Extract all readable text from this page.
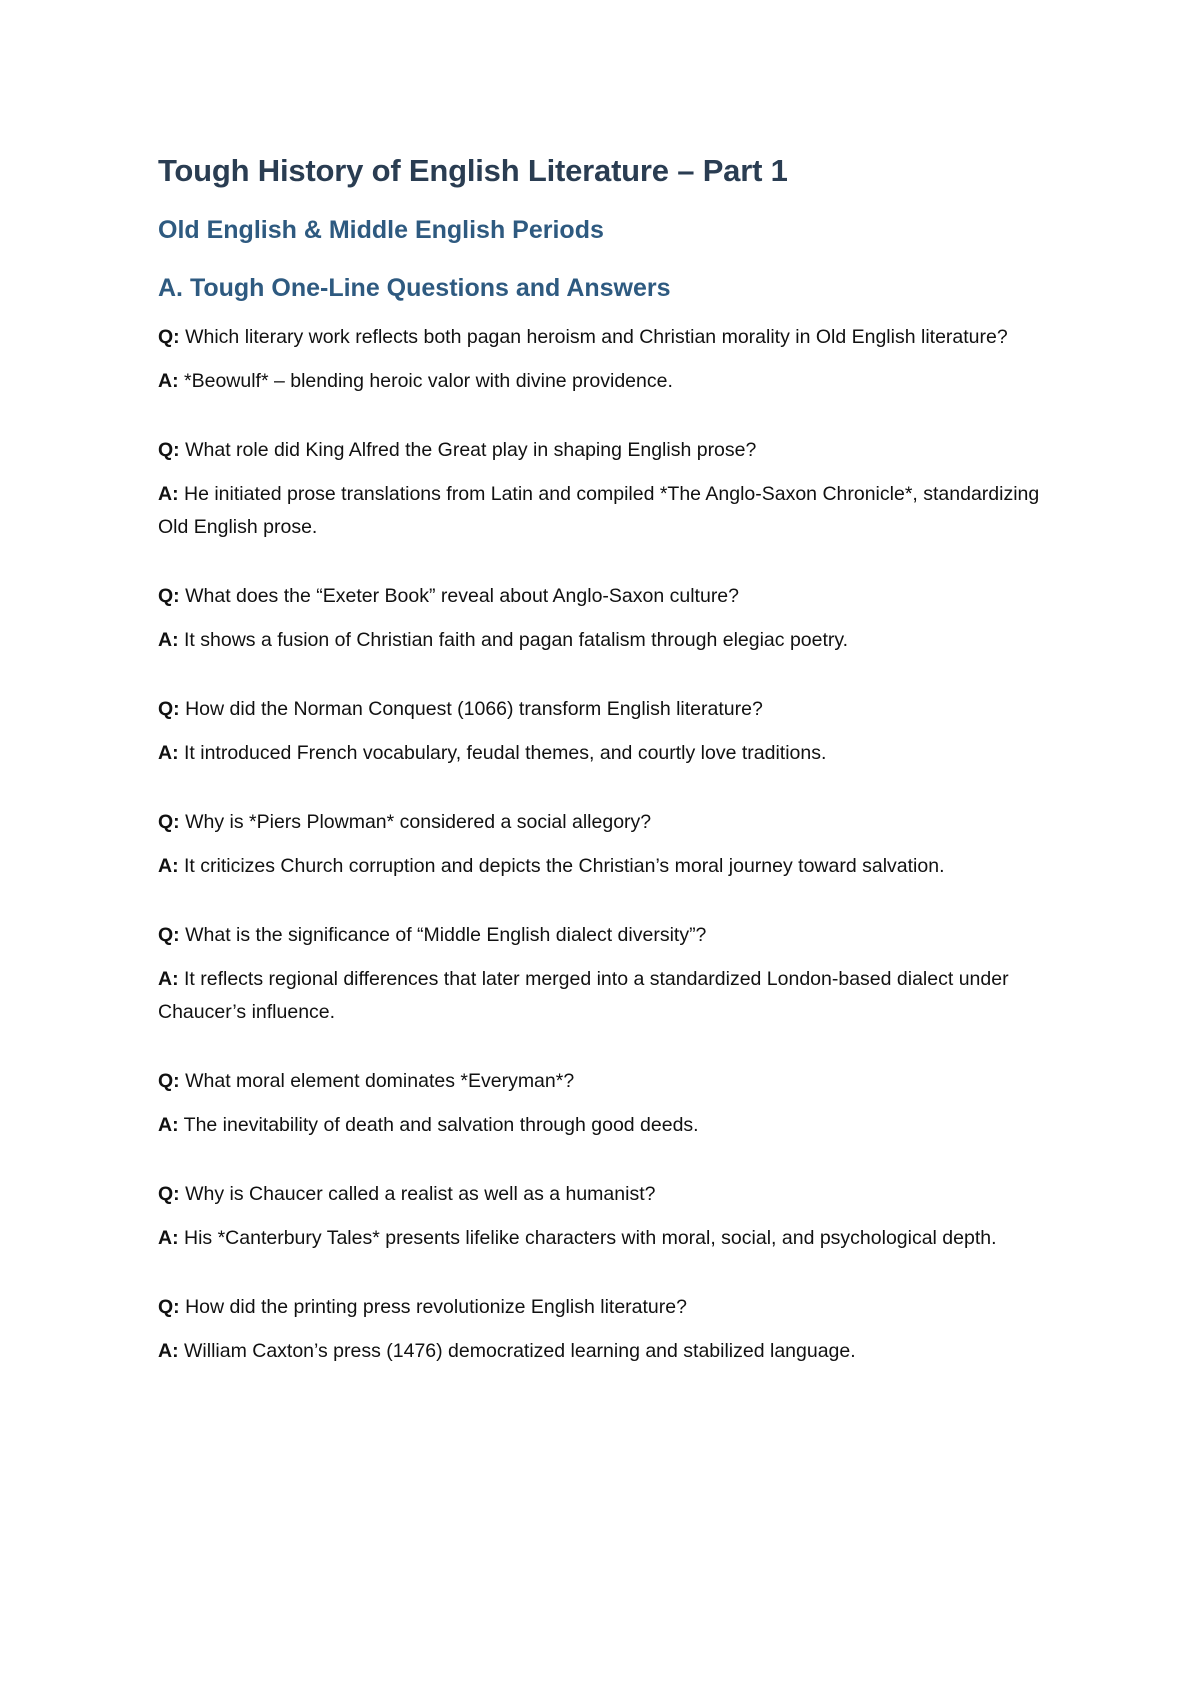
Tough History of English Literature – Part 1
Old English & Middle English Periods
A. Tough One-Line Questions and Answers

Q: Which literary work reflects both pagan heroism and Christian morality in Old English literature?

A: *Beowulf* – blending heroic valor with divine providence.

Q: What role did King Alfred the Great play in shaping English prose?

A: He initiated prose translations from Latin and compiled *The Anglo-Saxon Chronicle*, standardizing Old English prose.

Q: What does the “Exeter Book” reveal about Anglo-Saxon culture?

A: It shows a fusion of Christian faith and pagan fatalism through elegiac poetry.

Q: How did the Norman Conquest (1066) transform English literature?

A: It introduced French vocabulary, feudal themes, and courtly love traditions.

Q: Why is *Piers Plowman* considered a social allegory?

A: It criticizes Church corruption and depicts the Christian’s moral journey toward salvation.

Q: What is the significance of “Middle English dialect diversity”?

A: It reflects regional differences that later merged into a standardized London-based dialect under Chaucer’s influence.

Q: What moral element dominates *Everyman*?

A: The inevitability of death and salvation through good deeds.

Q: Why is Chaucer called a realist as well as a humanist?

A: His *Canterbury Tales* presents lifelike characters with moral, social, and psychological depth.

Q: How did the printing press revolutionize English literature?

A: William Caxton’s press (1476) democratized learning and stabilized language.
